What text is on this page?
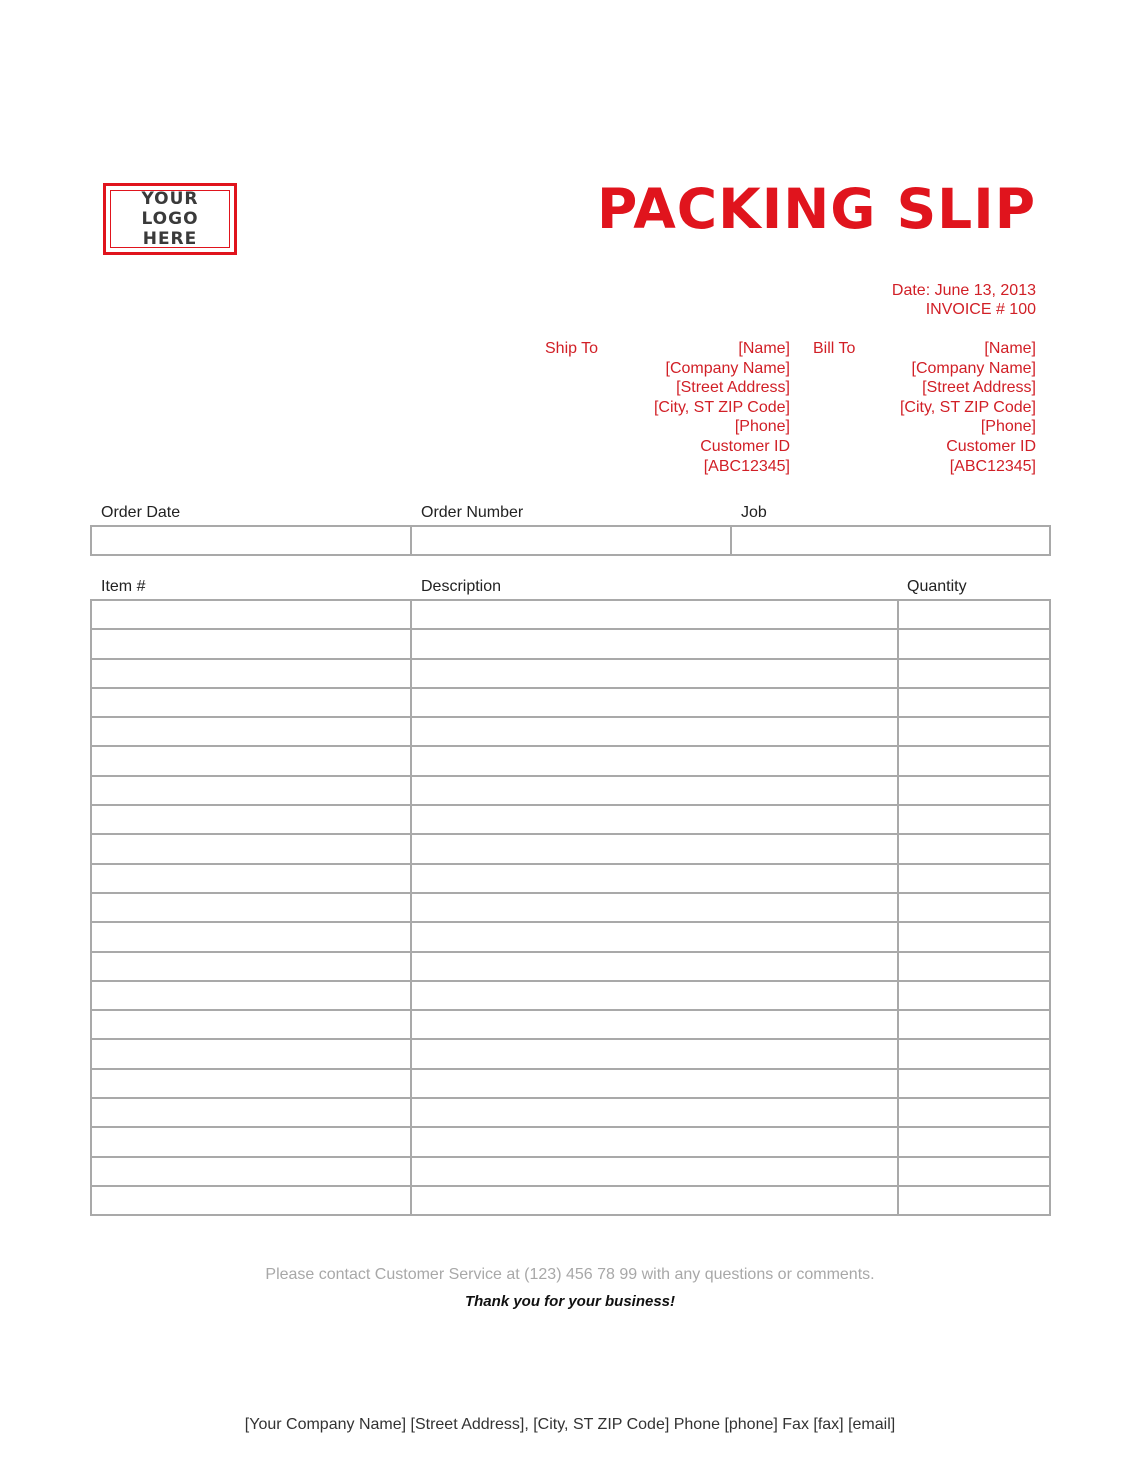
YOUR LOGO
HERE	PACKING SLIP
Date: June 13, 2013
INVOICE # 100
Ship To	[Name]
[Company Name]
[Street Address]
[City, ST ZIP Code]
[Phone]
Customer ID
[ABC12345]
Bill To	[Name]
[Company Name]
[Street Address]
[City, ST ZIP Code]
[Phone]
Customer ID
[ABC12345]
Order Date	Order Number	Job

Item #	Description	Quantity

Please contact Customer Service at (123) 456 78 99 with any questions or comments.
Thank you for your business!
[Your Company Name] [Street Address], [City, ST ZIP Code] Phone [phone] Fax [fax] [email]
